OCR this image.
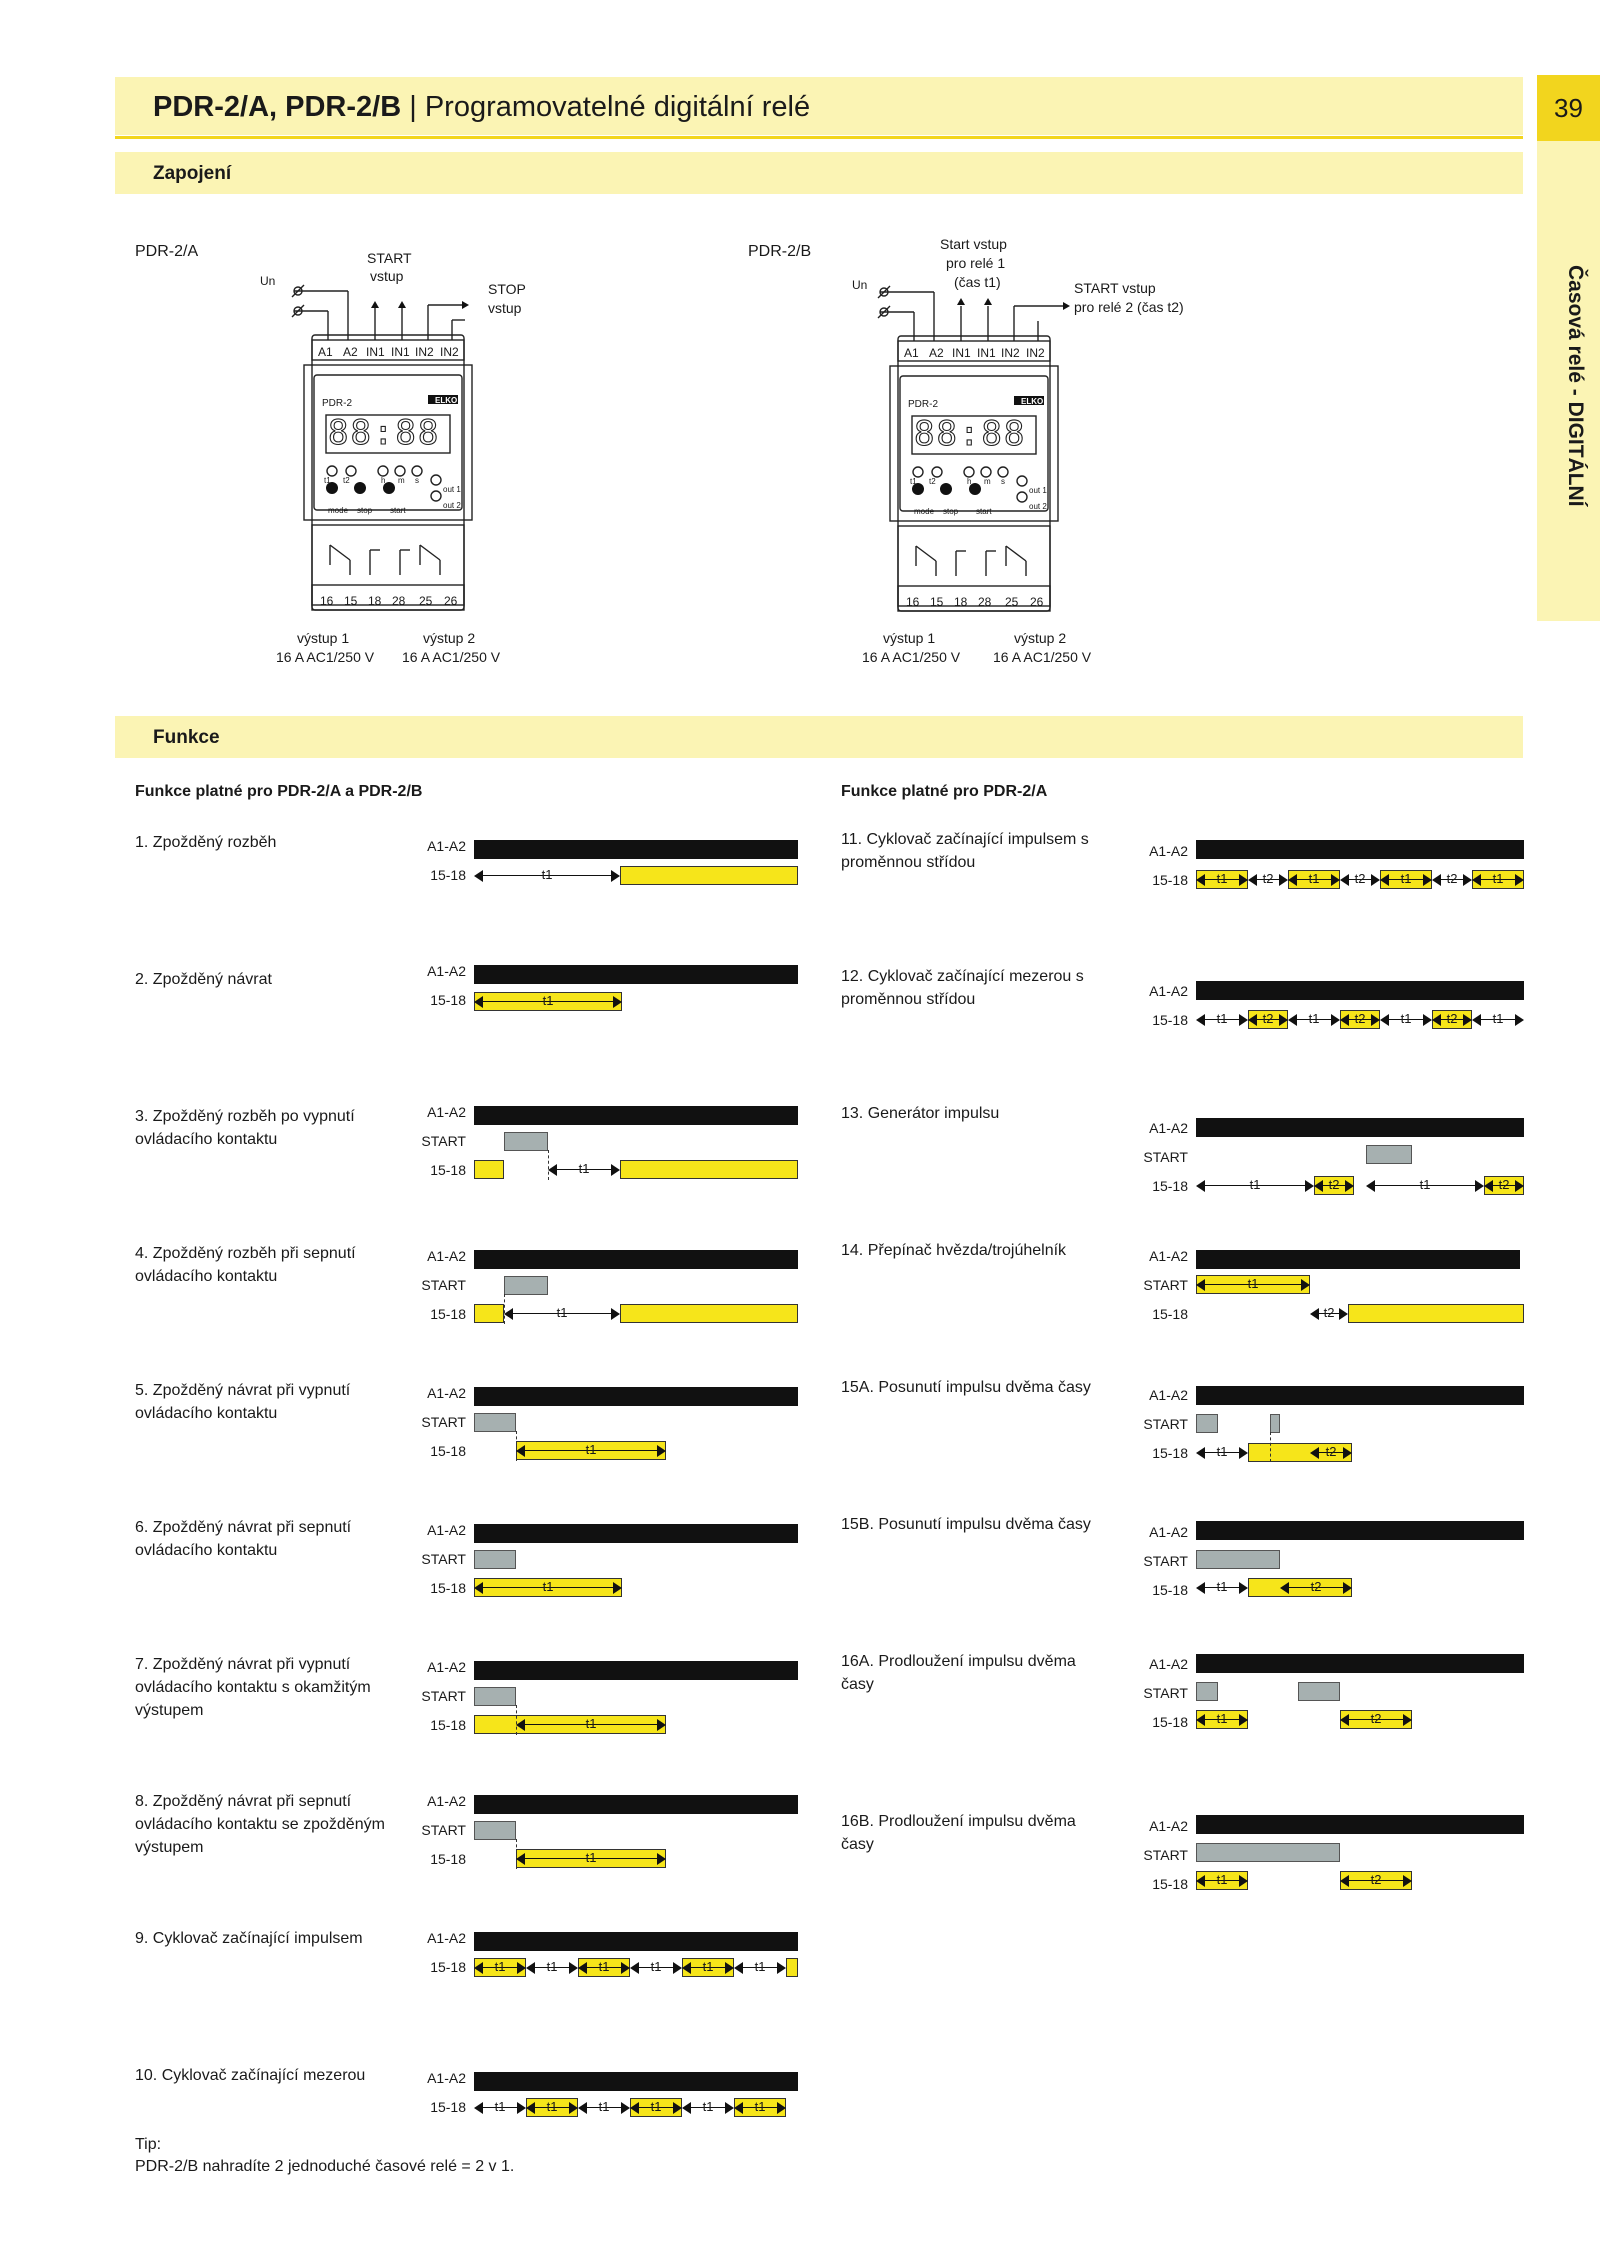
PDR-2/A, PDR-2/B | Programovatelné digitální relé	39
Časová relé - DIGITÁLNÍ
Zapojení
PDR-2/A
Un
START
vstup
STOP
vstup
88:88
A1 A2 IN1 IN1 IN2 IN2
16 15 18 28 25 26
PDR-2	ELKO
t1 t2	h m s
mode stop start
out 1
out 2
výstup 1
16 A AC1/250 V
výstup 2
16 A AC1/250 V
PDR-2/B
Un
Start vstup
pro relé 1
(čas t1)	START vstup
pro relé 2 (čas t2)
88:88
A1 A2 IN1 IN1 IN2 IN2
16 15 18 28 25 26
PDR-2	ELKO
t1 t2	h m s
mode stop start
out 1
out 2
výstup 1
16 A AC1/250 V
výstup 2
16 A AC1/250 V
Funkce
Funkce platné pro PDR-2/A a PDR-2/B	Funkce platné pro PDR-2/A
1. Zpožděný rozběh
2. Zpožděný návrat
3. Zpožděný rozběh po vypnutí ovládacího kontaktu
4. Zpožděný rozběh při sepnutí ovládacího kontaktu
5. Zpožděný návrat při vypnutí ovládacího kontaktu
6. Zpožděný návrat při sepnutí ovládacího kontaktu
7. Zpožděný návrat při vypnutí ovládacího kontaktu s okamžitým výstupem
8. Zpožděný návrat při sepnutí ovládacího kontaktu se zpožděným výstupem
9. Cyklovač začínající impulsem
10. Cyklovač začínající mezerou
11. Cyklovač začínající impulsem s proměnnou střídou
12. Cyklovač začínající mezerou s proměnnou střídou
13. Generátor impulsu
14. Přepínač hvězda/trojúhelník
15A. Posunutí impulsu dvěma časy
15B. Posunutí impulsu dvěma časy
16A. Prodloužení impulsu dvěma časy
16B. Prodloužení impulsu dvěma časy
A1-A2
15-18	t1
A1-A2
15-18	t1
A1-A2
START
15-18	t1
A1-A2
START
15-18	t1
A1-A2
START
15-18	t1
A1-A2
START
15-18	t1
A1-A2
START
15-18	t1
A1-A2
START
15-18	t1
A1-A2
15-18 t1	t1	t1	t1	t1	t1
A1-A2
15-18 t1	t1	t1	t1	t1	t1
A1-A2
15-18 t1	t2	t1	t2	t1	t2	t1
A1-A2
15-18 t1	t2	t1	t2	t1	t2	t1
A1-A2
START
15-18	t1	t2	t1	t2
A1-A2
START	t1
15-18	t2
A1-A2
START
15-18 t1	t2
A1-A2
START
15-18 t1	t2
A1-A2
START
15-18 t1	t2
A1-A2
START
15-18 t1	t2
Tip:
PDR-2/B nahradíte 2 jednoduché časové relé = 2 v 1.
